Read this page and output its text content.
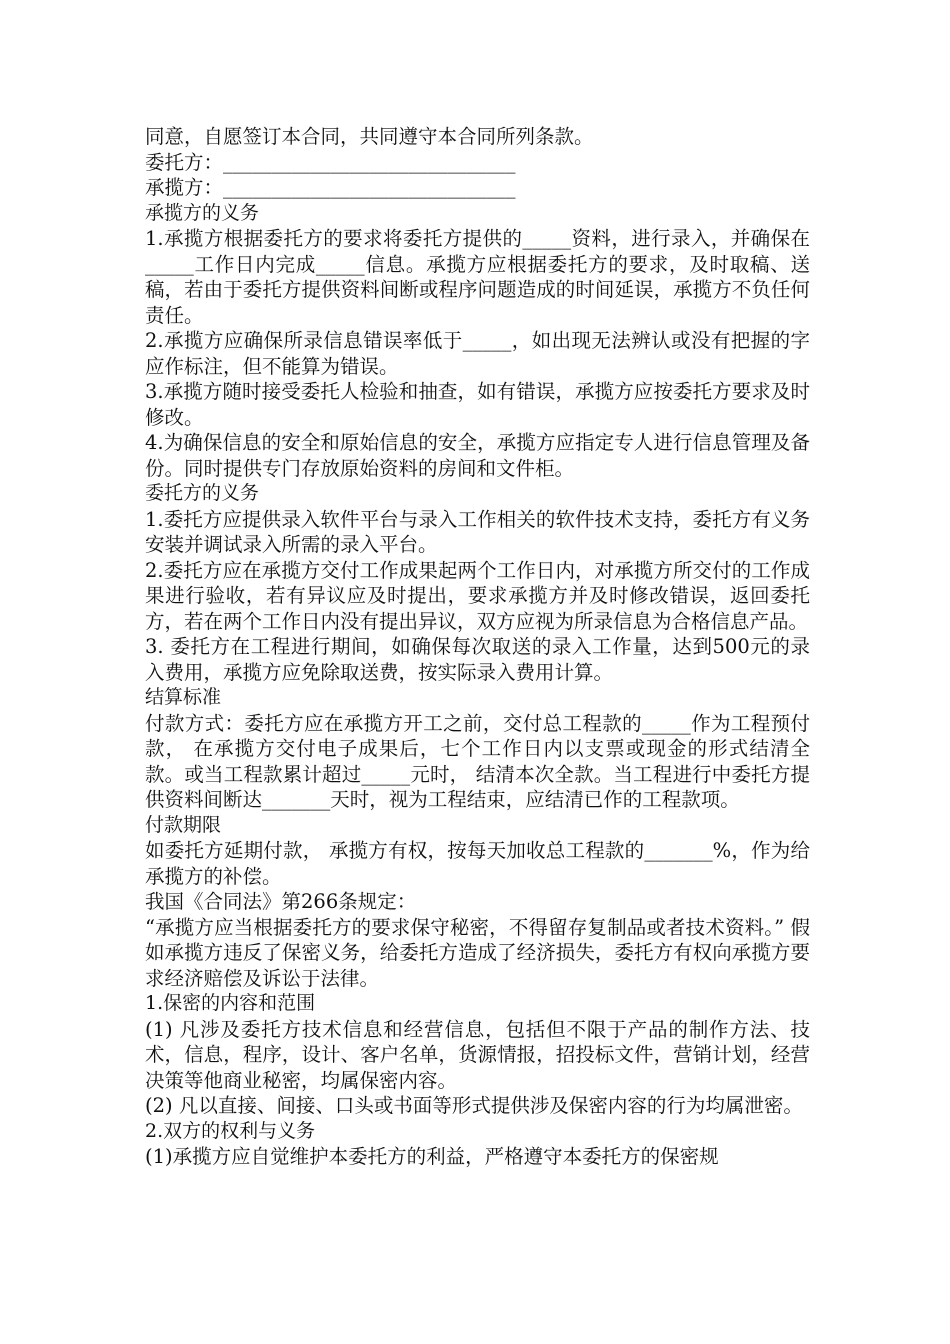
同意，自愿签订本合同，共同遵守本合同所列条款。

委托方：______________________________

承揽方：______________________________

承揽方的义务

1.承揽方根据委托方的要求将委托方提供的_____资料，进行录入，并确保在_____工作日内完成_____信息。承揽方应根据委托方的要求，及时取稿、送稿，若由于委托方提供资料间断或程序问题造成的时间延误，承揽方不负任何责任。

2.承揽方应确保所录信息错误率低于_____，如出现无法辨认或没有把握的字应作标注，但不能算为错误。

3.承揽方随时接受委托人检验和抽查，如有错误，承揽方应按委托方要求及时修改。

4.为确保信息的安全和原始信息的安全，承揽方应指定专人进行信息管理及备份。同时提供专门存放原始资料的房间和文件柜。

委托方的义务

1.委托方应提供录入软件平台与录入工作相关的软件技术支持，委托方有义务安装并调试录入所需的录入平台。

2.委托方应在承揽方交付工作成果起两个工作日内，对承揽方所交付的工作成果进行验收，若有异议应及时提出，要求承揽方并及时修改错误，返回委托方，若在两个工作日内没有提出异议，双方应视为所录信息为合格信息产品。

3. 委托方在工程进行期间，如确保每次取送的录入工作量，达到500元的录入费用，承揽方应免除取送费，按实际录入费用计算。

结算标准

付款方式：委托方应在承揽方开工之前，交付总工程款的_____作为工程预付款， 在承揽方交付电子成果后，七个工作日内以支票或现金的形式结清全款。或当工程款累计超过_____元时， 结清本次全款。当工程进行中委托方提供资料间断达_______天时，视为工程结束，应结清已作的工程款项。

付款期限

如委托方延期付款， 承揽方有权，按每天加收总工程款的_______%，作为给承揽方的补偿。

我国《合同法》第266条规定：

“承揽方应当根据委托方的要求保守秘密，不得留存复制品或者技术资料。” 假如承揽方违反了保密义务，给委托方造成了经济损失，委托方有权向承揽方要求经济赔偿及诉讼于法律。

1.保密的内容和范围

(1) 凡涉及委托方技术信息和经营信息，包括但不限于产品的制作方法、技术，信息，程序，设计、客户名单，货源情报，招投标文件，营销计划，经营决策等他商业秘密，均属保密内容。

(2) 凡以直接、间接、口头或书面等形式提供涉及保密内容的行为均属泄密。

2.双方的权利与义务

(1)承揽方应自觉维护本委托方的利益，严格遵守本委托方的保密规
